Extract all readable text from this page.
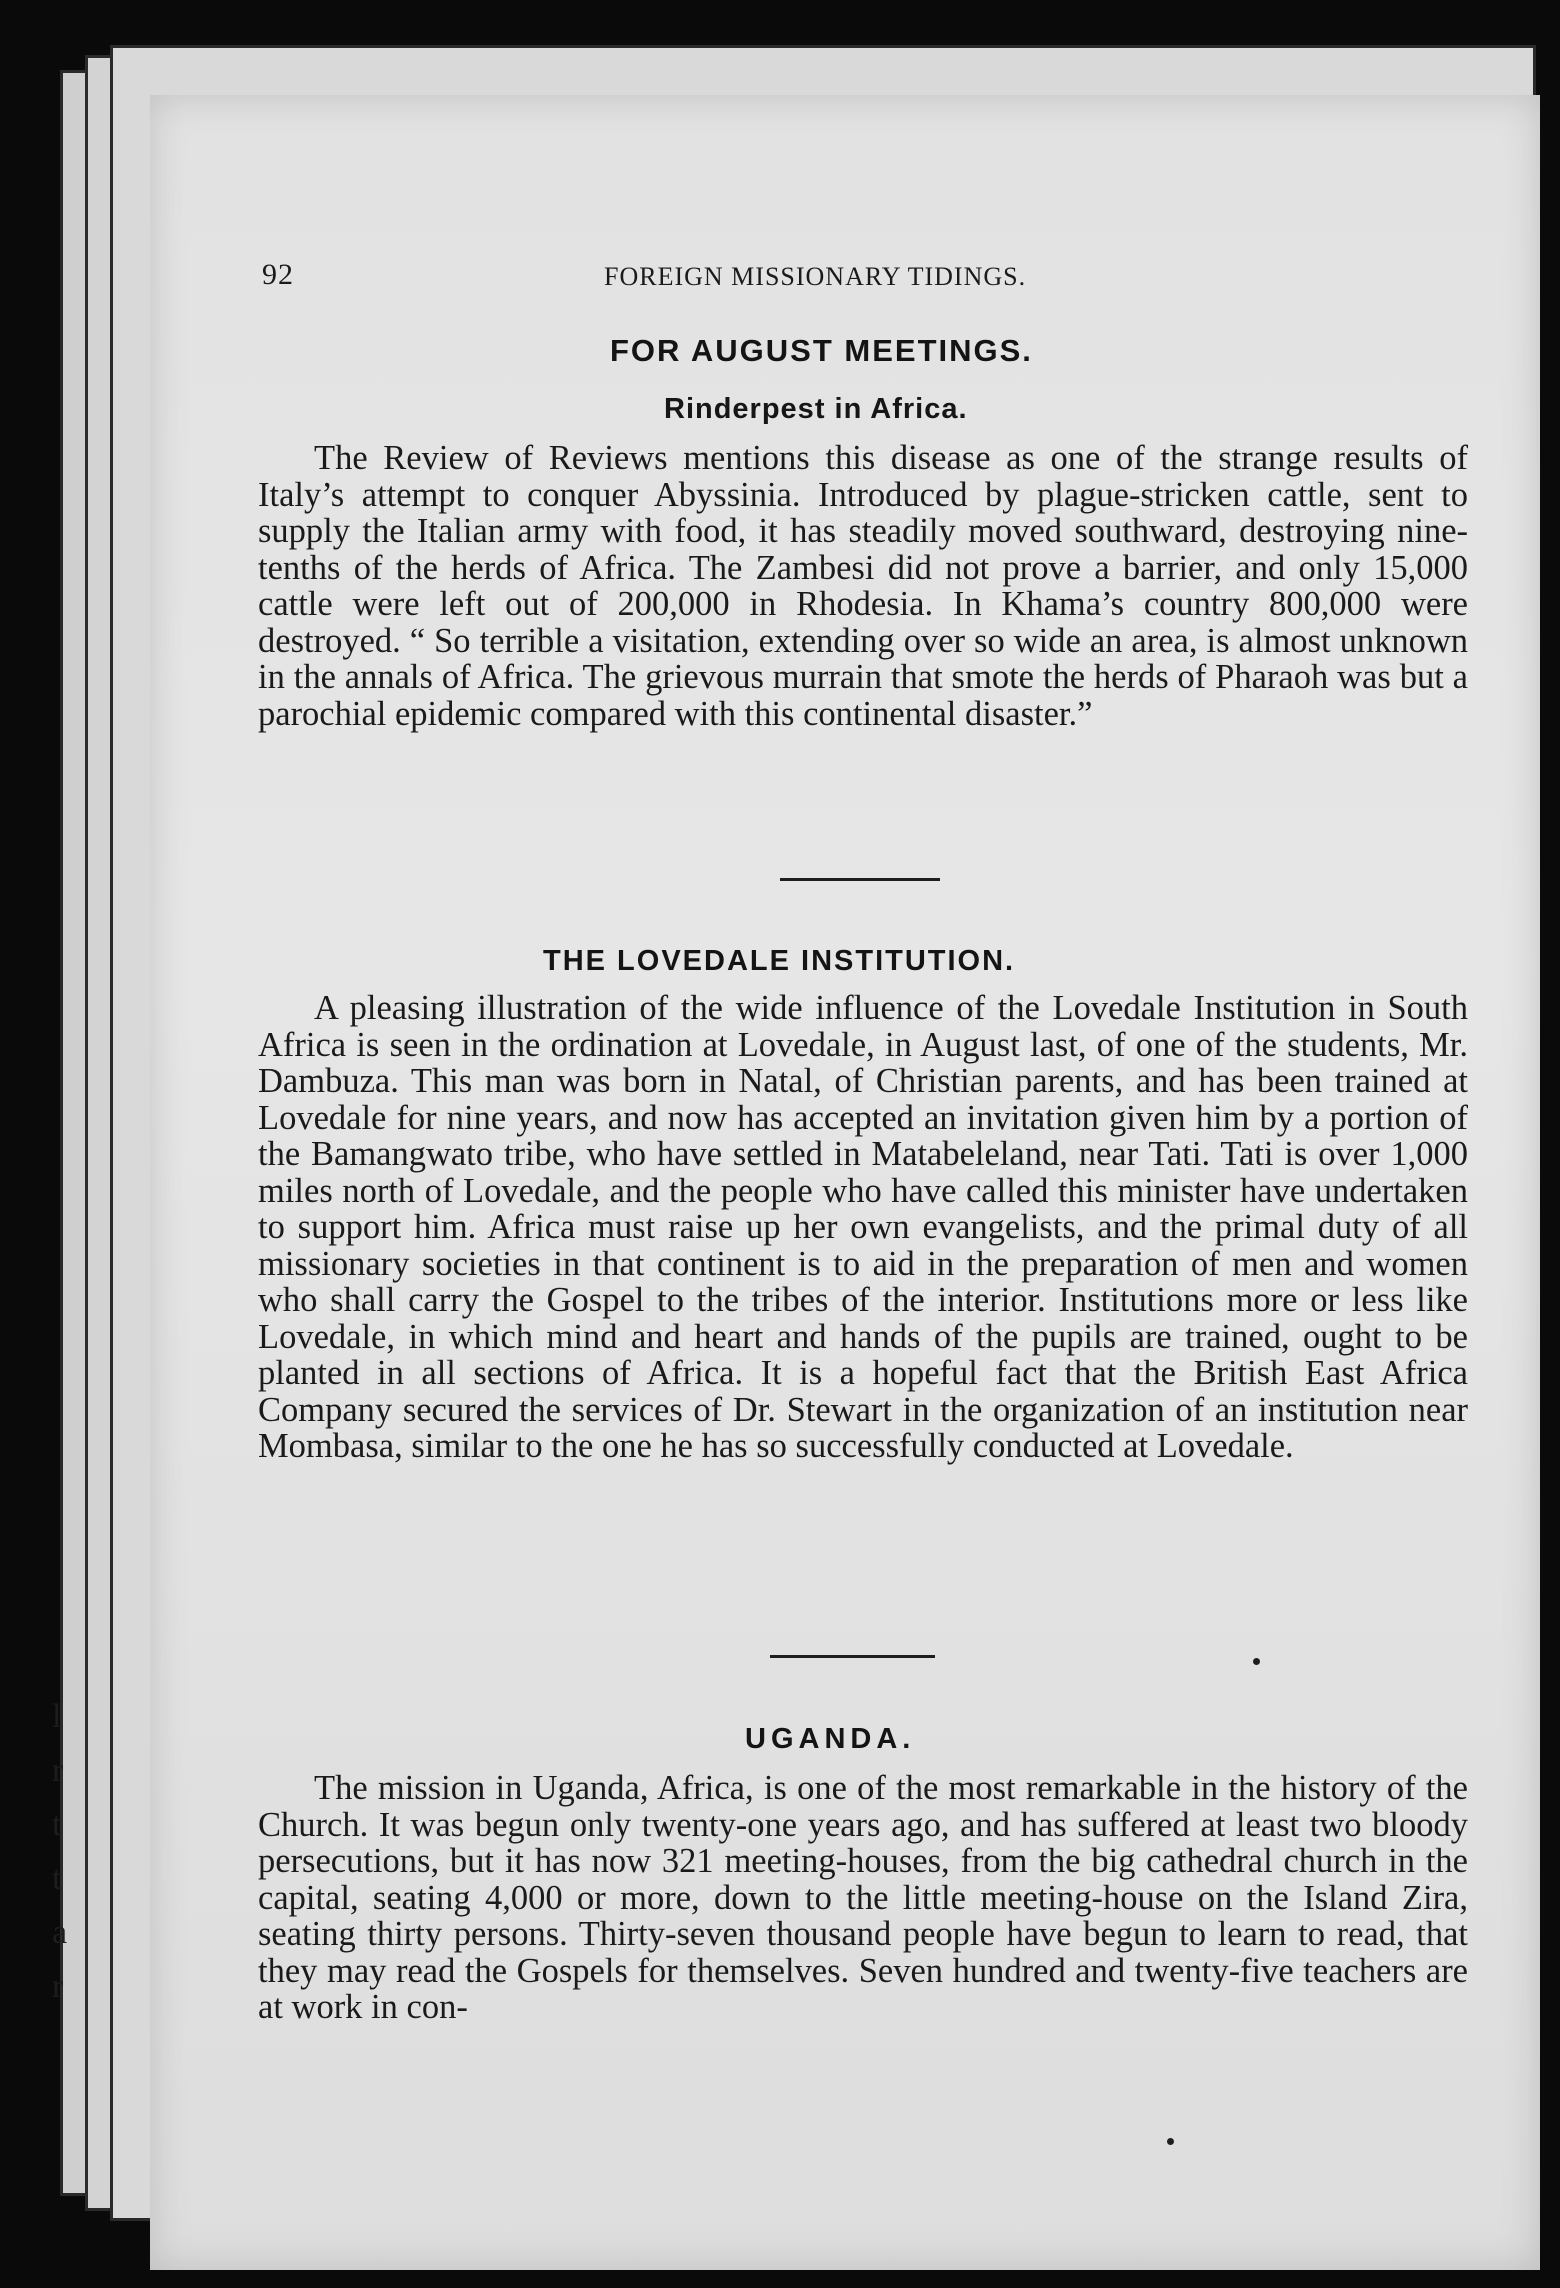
l
r
t
t
a
r
92	FOREIGN MISSIONARY TIDINGS.
FOR AUGUST MEETINGS.
Rinderpest in Africa.

The Review of Reviews mentions this disease as one of the strange results of Italy’s attempt to conquer Abyssinia. Introduced by plague-stricken cattle, sent to supply the Italian army with food, it has steadily moved southward, destroying nine-tenths of the herds of Africa. The Zambesi did not prove a barrier, and only 15,000 cattle were left out of 200,000 in Rhodesia. In Khama’s country 800,000 were destroyed. “ So terrible a visitation, extending over so wide an area, is almost unknown in the annals of Africa. The grievous murrain that smote the herds of Pharaoh was but a parochial epidemic compared with this continental disaster.”

THE LOVEDALE INSTITUTION.

A pleasing illustration of the wide influence of the Lovedale Institution in South Africa is seen in the ordination at Lovedale, in August last, of one of the students, Mr. Dambuza. This man was born in Natal, of Christian parents, and has been trained at Lovedale for nine years, and now has accepted an invitation given him by a portion of the Bamangwato tribe, who have settled in Matabeleland, near Tati. Tati is over 1,000 miles north of Lovedale, and the people who have called this minister have undertaken to support him. Africa must raise up her own evangelists, and the primal duty of all missionary societies in that continent is to aid in the preparation of men and women who shall carry the Gospel to the tribes of the interior. Institutions more or less like Lovedale, in which mind and heart and hands of the pupils are trained, ought to be planted in all sections of Africa. It is a hopeful fact that the British East Africa Company secured the services of Dr. Stewart in the organization of an institution near Mombasa, similar to the one he has so successfully conducted at Lovedale.

UGANDA.

The mission in Uganda, Africa, is one of the most remarkable in the history of the Church. It was begun only twenty-one years ago, and has suffered at least two bloody persecutions, but it has now 321 meeting-houses, from the big cathedral church in the capital, seating 4,000 or more, down to the little meeting-house on the Island Zira, seating thirty persons. Thirty-seven thousand people have begun to learn to read, that they may read the Gospels for themselves. Seven hundred and twenty-five teachers are at work in con-
